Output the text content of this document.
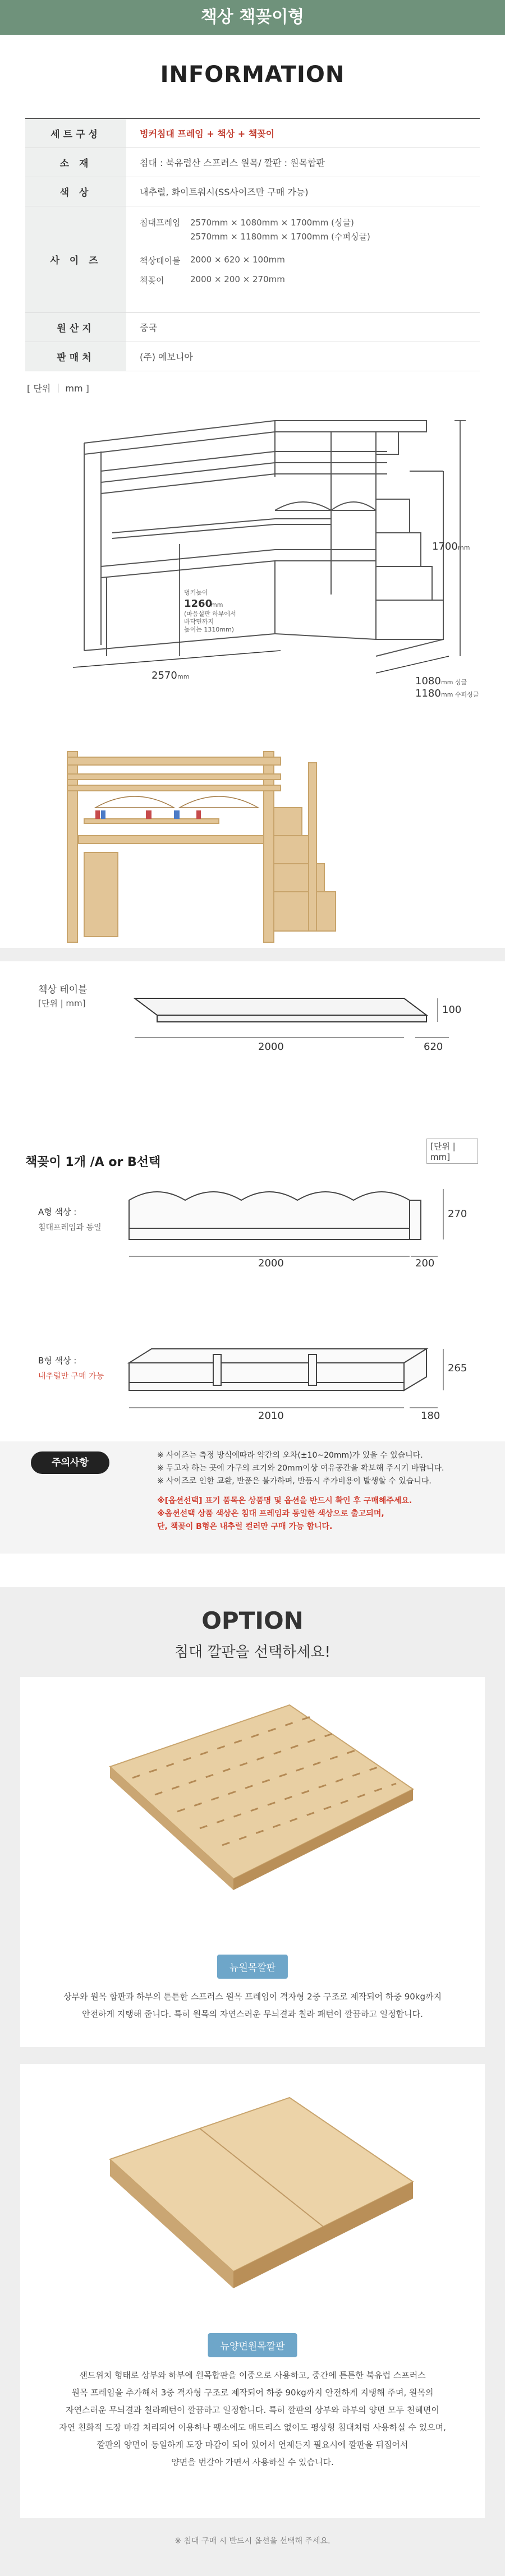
책상 책꽂이형
INFORMATION
세트구성	벙커침대 프레임 + 책상 + 책꽂이
소 재	침대 : 북유럽산 스프러스 원목/ 깔판 : 원목합판
색 상	내추럴, 화이트워시(SS사이즈만 구매 가능)
사 이 즈
침대프레임	2570mm × 1080mm × 1700mm (싱글)
2570mm × 1180mm × 1700mm (수퍼싱글)
책상테이블	2000 × 620 × 100mm
책꽂이	2000 × 200 × 270mm
원산지	중국
판매처	(주) 예보니아
[ 단위 ｜ mm ]
벙커높이
1260
mm
(마음설판 하부에서
바닥면까지
높이는 1310mm)
1700 mm
2570 mm	1080 mm 싱글
1180 mm 수퍼싱글
책상 테이블
[단위 | mm]
2000	620
100
책꽂이 1개 /A or B선택
[단위 | mm]
A형 색상 :
침대프레임과 동일
2000	200
270
B형 색상 :
내추럴만 구매 가능
2010	180
265
주의사항
※ 사이즈는 측정 방식에따라 약간의 오차(±10~20mm)가 있을 수 있습니다.
※ 두고자 하는 곳에 가구의 크기와 20mm이상 여유공간을 확보해 주시기 바랍니다.
※ 사이즈로 인한 교환, 반품은 불가하며, 반품시 추가비용이 발생할 수 있습니다.
※[옵션선택] 표기 품목은 상품명 및 옵션을 반드시 확인 후 구매해주세요.
※옵션선택 상품 색상은 침대 프레임과 동일한 색상으로 출고되며,
단, 책꽂이 B형은 내추럴 컬러만 구매 가능 합니다.
OPTION
침대 깔판을 선택하세요!
뉴원목깔판
상부와 원목 합판과 하부의 튼튼한 스프러스 원목 프레임이 격자형 2중 구조로 제작되어 하중 90kg까지
안전하게 지탱해 줍니다. 특히 원목의 자연스러운 무늬결과 칠라 패턴이 깔끔하고 일정합니다.
뉴양면원목깔판
샌드위치 형태로 상부와 하부에 원목합판을 이중으로 사용하고, 중간에 튼튼한 북유럽 스프러스
원목 프레임을 추가해서 3중 격자형 구조로 제작되어 하중 90kg까지 안전하게 지탱해 주며, 원목의
자연스러운 무늬결과 칠라패턴이 깔끔하고 일정합니다. 특히 깔판의 상부와 하부의 양면 모두 천혜면이
자연 친화적 도장 마감 처리되어 이용하나 팽소에도 매트리스 없이도 평상형 침대처럼 사용하실 수 있으며,
깔판의 양면이 동일하게 도장 마감이 되어 있어서 언제든지 필요시에 깔판을 뒤집어서
양면을 번갈아 가면서 사용하실 수 있습니다.
※ 침대 구매 시 반드시 옵션을 선택해 주세요.
